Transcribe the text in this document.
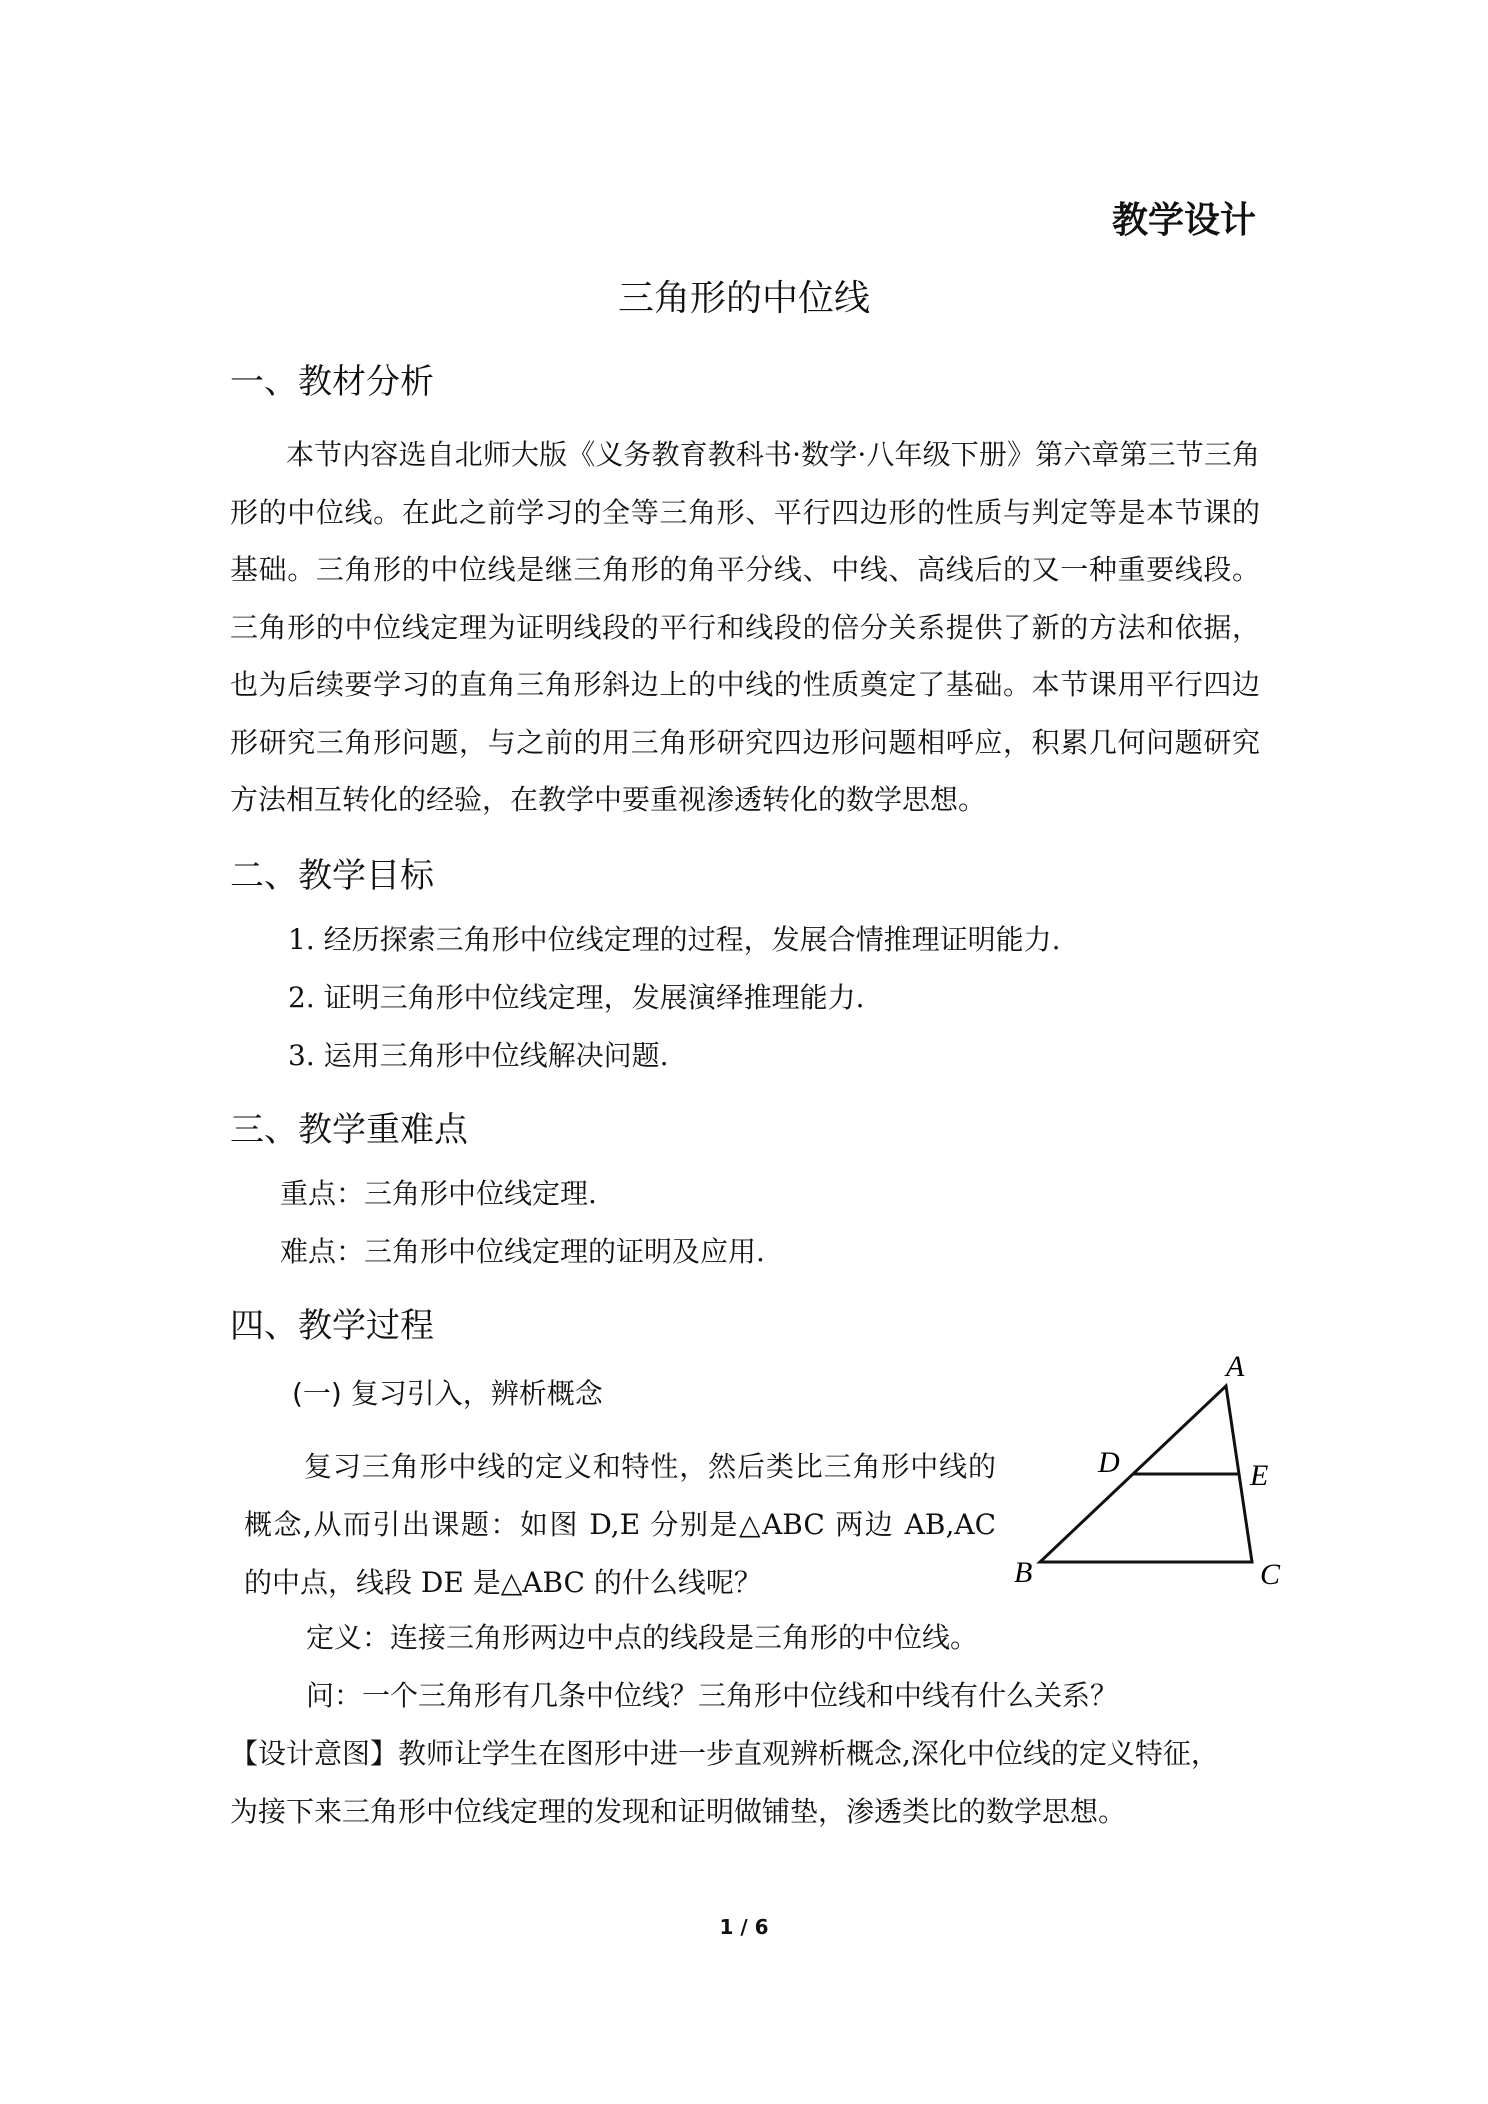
教学设计

三角形的中位线

一、教材分析

本节内容选自北师大版《义务教育教科书·数学·八年级下册》第六章第三节三角形的中位线。在此之前学习的全等三角形、平行四边形的性质与判定等是本节课的基础。三角形的中位线是继三角形的角平分线、中线、高线后的又一种重要线段。三角形的中位线定理为证明线段的平行和线段的倍分关系提供了新的方法和依据，也为后续要学习的直角三角形斜边上的中线的性质奠定了基础。本节课用平行四边形研究三角形问题，与之前的用三角形研究四边形问题相呼应，积累几何问题研究方法相互转化的经验，在教学中要重视渗透转化的数学思想。

二、教学目标

1. 经历探索三角形中位线定理的过程，发展合情推理证明能力.

2. 证明三角形中位线定理，发展演绎推理能力.

3. 运用三角形中位线解决问题.

三、教学重难点

重点：三角形中位线定理.

难点：三角形中位线定理的证明及应用.

四、教学过程

(一) 复习引入，辨析概念

复习三角形中线的定义和特性，然后类比三角形中线的概念,从而引出课题：如图 D,E 分别是△ABC 两边 AB,AC 的中点，线段 DE 是△ABC 的什么线呢？

定义：连接三角形两边中点的线段是三角形的中位线。

问：一个三角形有几条中位线？三角形中位线和中线有什么关系？

【设计意图】教师让学生在图形中进一步直观辨析概念,深化中位线的定义特征，

为接下来三角形中位线定理的发现和证明做铺垫，渗透类比的数学思想。

A
B	C
D	E

1 / 6
